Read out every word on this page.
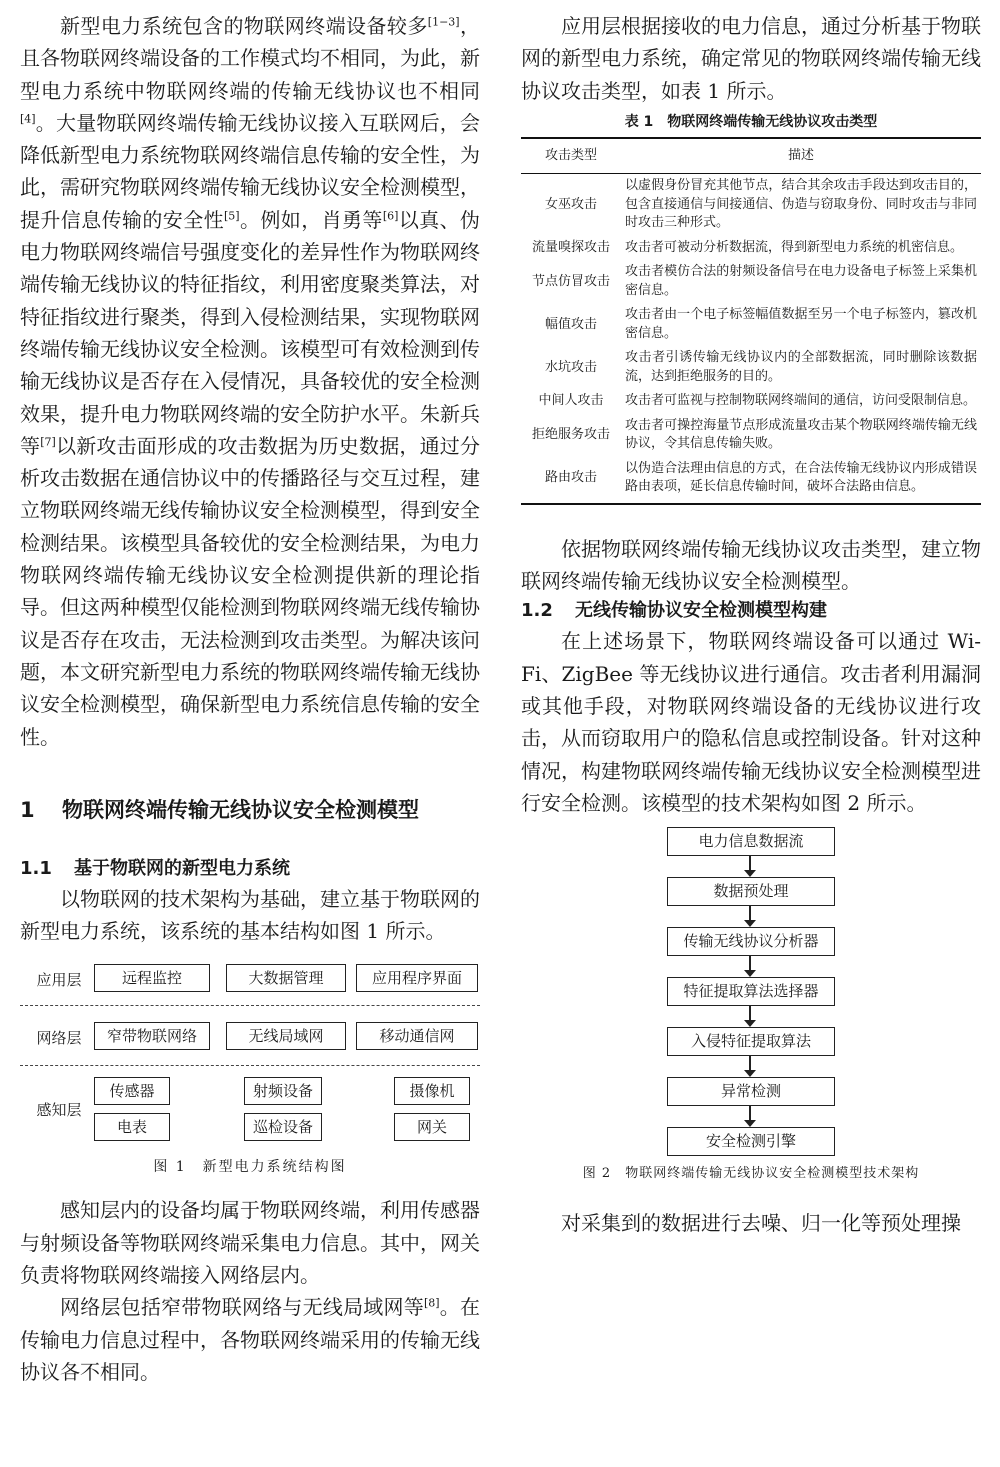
新型电力系统包含的物联网终端设备较多[1−3]，且各物联网终端设备的工作模式均不相同，为此，新型电力系统中物联网终端的传输无线协议也不相同[4]。大量物联网终端传输无线协议接入互联网后，会降低新型电力系统物联网终端信息传输的安全性，为此，需研究物联网终端传输无线协议安全检测模型，提升信息传输的安全性[5]。例如，肖勇等[6]以真、伪电力物联网终端信号强度变化的差异性作为物联网终端传输无线协议的特征指纹，利用密度聚类算法，对特征指纹进行聚类，得到入侵检测结果，实现物联网终端传输无线协议安全检测。该模型可有效检测到传输无线协议是否存在入侵情况，具备较优的安全检测效果，提升电力物联网终端的安全防护水平。朱新兵等[7]以新攻击面形成的攻击数据为历史数据，通过分析攻击数据在通信协议中的传播路径与交互过程，建立物联网终端无线传输协议安全检测模型，得到安全检测结果。该模型具备较优的安全检测结果，为电力物联网终端传输无线协议安全检测提供新的理论指导。但这两种模型仅能检测到物联网终端无线传输协议是否存在攻击，无法检测到攻击类型。为解决该问题，本文研究新型电力系统的物联网终端传输无线协议安全检测模型，确保新型电力系统信息传输的安全性。

1 物联网终端传输无线协议安全检测模型

1.1 基于物联网的新型电力系统

以物联网的技术架构为基础，建立基于物联网的新型电力系统，该系统的基本结构如图 1 所示。

应用层	远程监控	大数据管理	应用程序界面
网络层	窄带物联网络	无线局域网	移动通信网
感知层
传感器	射频设备	摄像机
电表	巡检设备	网关
图 1　新型电力系统结构图

感知层内的设备均属于物联网终端，利用传感器与射频设备等物联网终端采集电力信息。其中，网关负责将物联网终端接入网络层内。

网络层包括窄带物联网络与无线局域网等[8]。在传输电力信息过程中，各物联网终端采用的传输无线协议各不相同。

应用层根据接收的电力信息，通过分析基于物联网的新型电力系统，确定常见的物联网终端传输无线协议攻击类型，如表 1 所示。

表 1　物联网终端传输无线协议攻击类型
攻击类型	描述
女巫攻击	以虚假身份冒充其他节点，结合其余攻击手段达到攻击目的，包含直接通信与间接通信、伪造与窃取身份、同时攻击与非同时攻击三种形式。
流量嗅探攻击	攻击者可被动分析数据流，得到新型电力系统的机密信息。
节点仿冒攻击	攻击者模仿合法的射频设备信号在电力设备电子标签上采集机密信息。
幅值攻击	攻击者由一个电子标签幅值数据至另一个电子标签内，篡改机密信息。
水坑攻击	攻击者引诱传输无线协议内的全部数据流，同时删除该数据流，达到拒绝服务的目的。
中间人攻击	攻击者可监视与控制物联网终端间的通信，访问受限制信息。
拒绝服务攻击	攻击者可操控海量节点形成流量攻击某个物联网终端传输无线协议，令其信息传输失败。
路由攻击	以伪造合法理由信息的方式，在合法传输无线协议内形成错误路由表项，延长信息传输时间，破坏合法路由信息。

依据物联网终端传输无线协议攻击类型，建立物联网终端传输无线协议安全检测模型。

1.2 无线传输协议安全检测模型构建

在上述场景下，物联网终端设备可以通过 Wi-Fi、ZigBee 等无线协议进行通信。攻击者利用漏洞或其他手段，对物联网终端设备的无线协议进行攻击，从而窃取用户的隐私信息或控制设备。针对这种情况，构建物联网终端传输无线协议安全检测模型进行安全检测。该模型的技术架构如图 2 所示。

电力信息数据流
数据预处理
传输无线协议分析器
特征提取算法选择器
入侵特征提取算法
异常检测
安全检测引擎
图 2　物联网终端传输无线协议安全检测模型技术架构

对采集到的数据进行去噪、归一化等预处理操
